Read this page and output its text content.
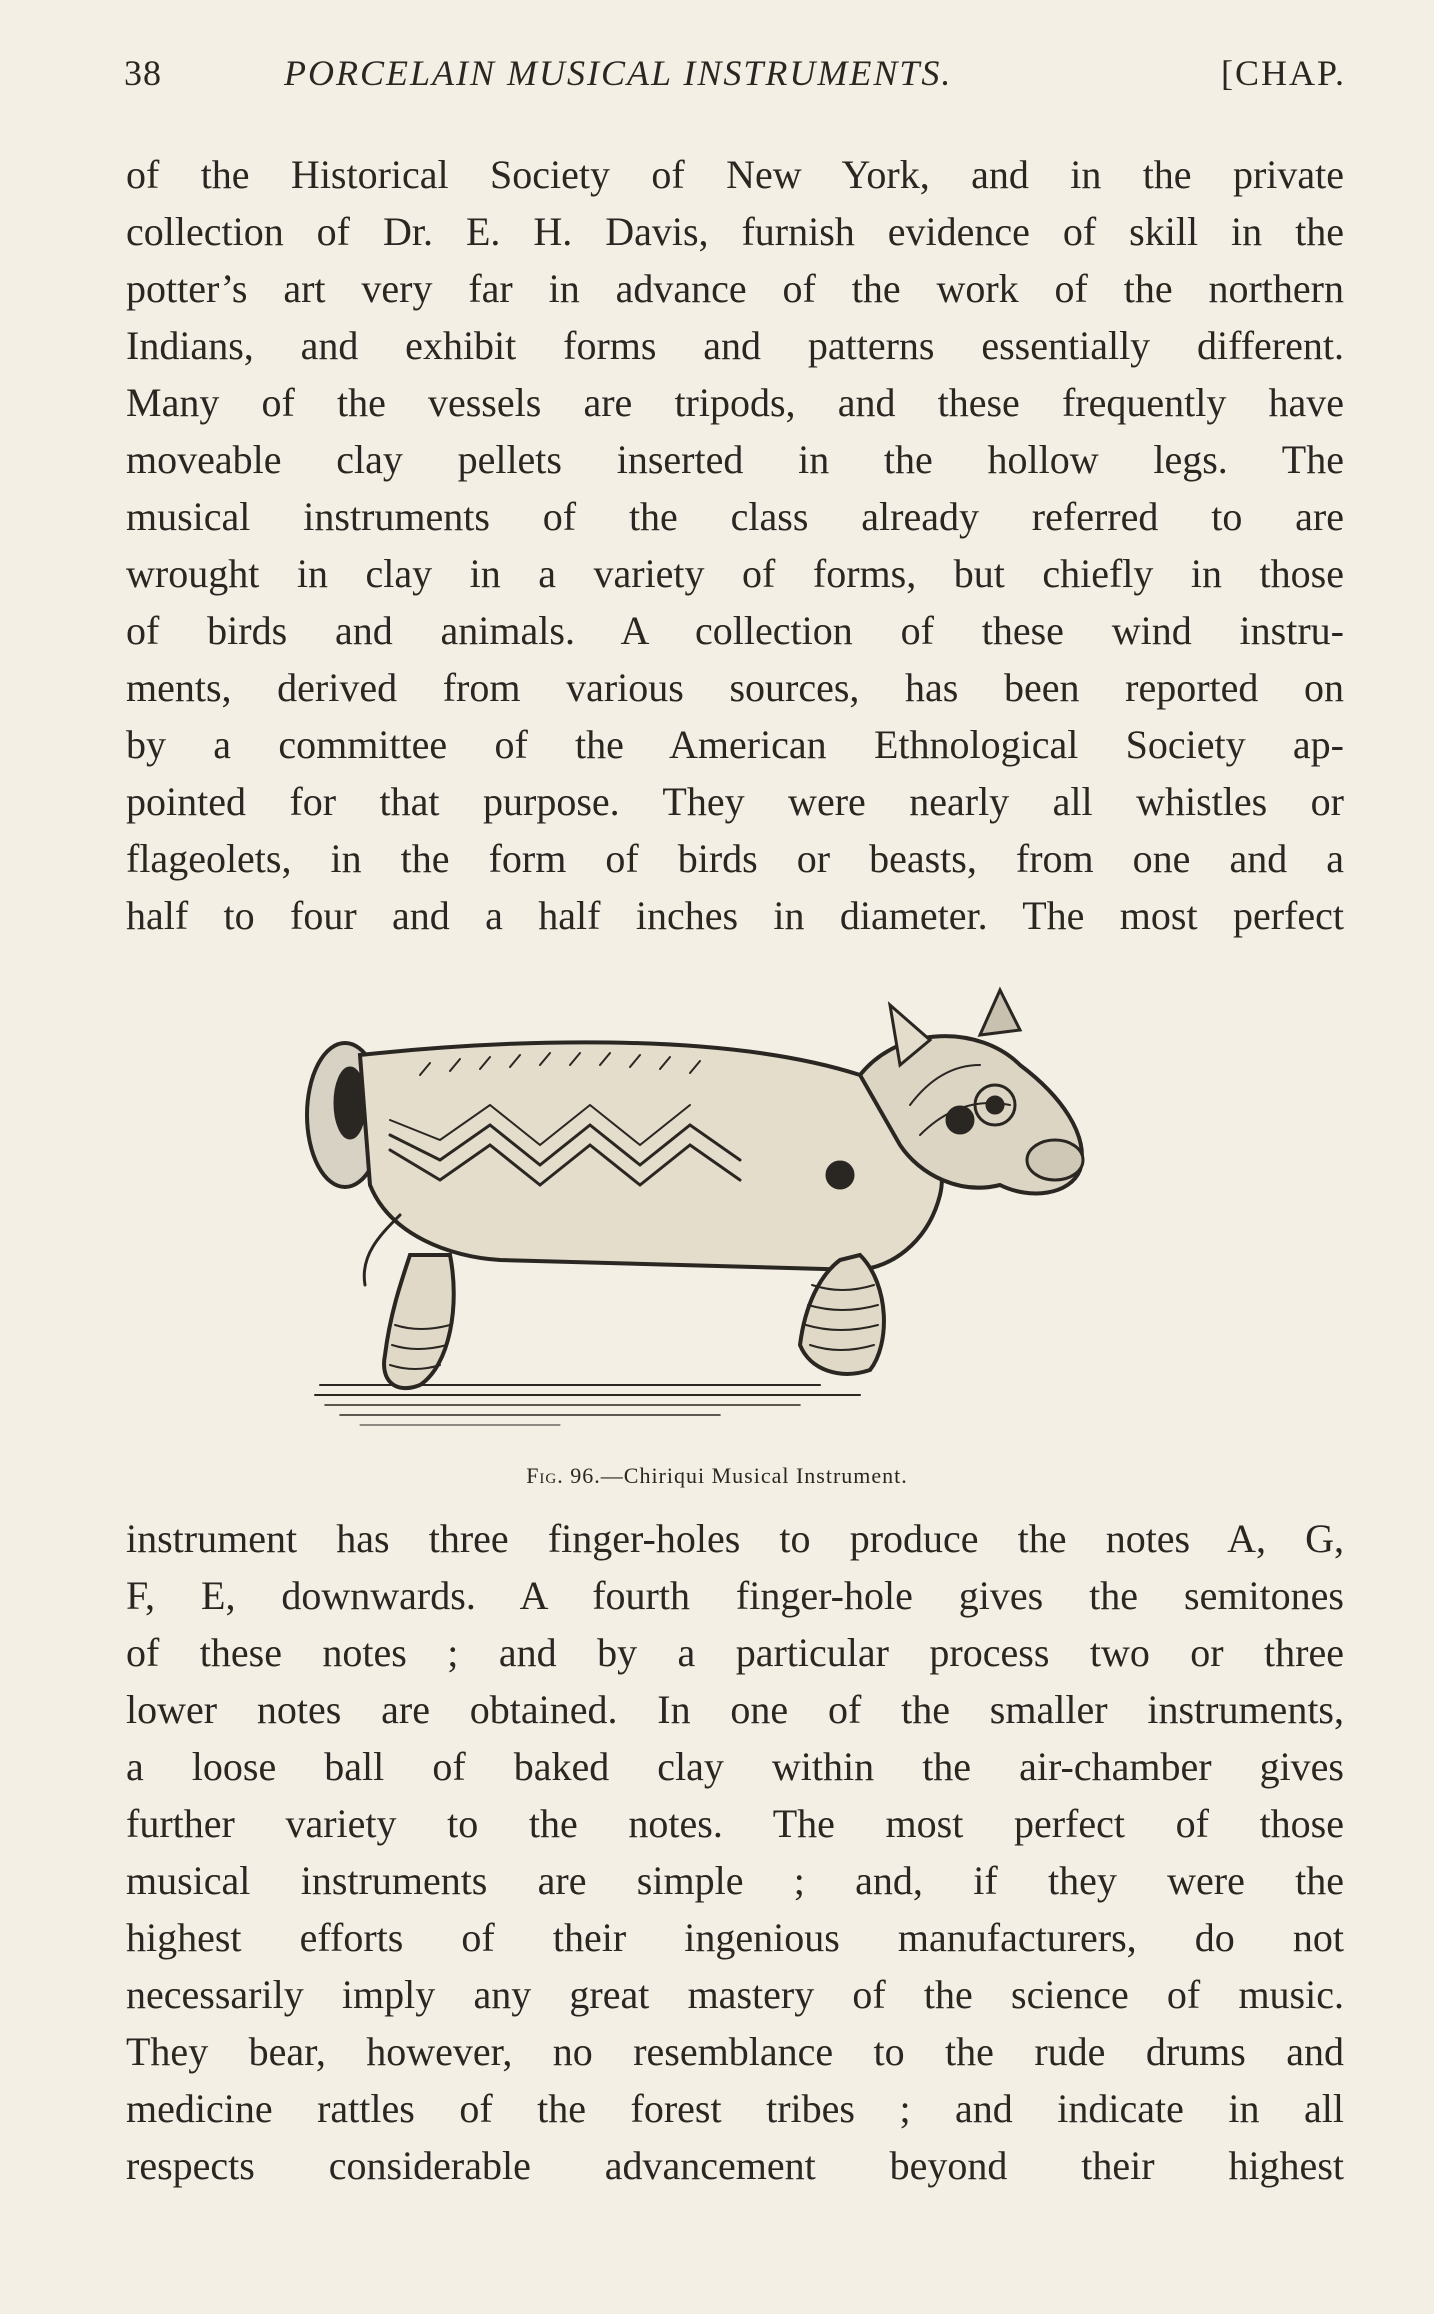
38	PORCELAIN MUSICAL INSTRUMENTS.	[CHAP.
of the Historical Society of New York, and in the private
collection of Dr. E. H. Davis, furnish evidence of skill in the
potter’s art very far in advance of the work of the northern
Indians, and exhibit forms and patterns essentially different.
Many of the vessels are tripods, and these frequently have
moveable clay pellets inserted in the hollow legs. The
musical instruments of the class already referred to are
wrought in clay in a variety of forms, but chiefly in those
of birds and animals. A collection of these wind instru-
ments, derived from various sources, has been reported on
by a committee of the American Ethnological Society ap-
pointed for that purpose. They were nearly all whistles or
flageolets, in the form of birds or beasts, from one and a
half to four and a half inches in diameter. The most perfect
Fig. 96.—Chiriqui Musical Instrument.
instrument has three finger-holes to produce the notes A, G,
F, E, downwards. A fourth finger-hole gives the semitones
of these notes ; and by a particular process two or three
lower notes are obtained. In one of the smaller instruments,
a loose ball of baked clay within the air-chamber gives
further variety to the notes. The most perfect of those
musical instruments are simple ; and, if they were the
highest efforts of their ingenious manufacturers, do not
necessarily imply any great mastery of the science of music.
They bear, however, no resemblance to the rude drums and
medicine rattles of the forest tribes ; and indicate in all
respects considerable advancement beyond their highest
